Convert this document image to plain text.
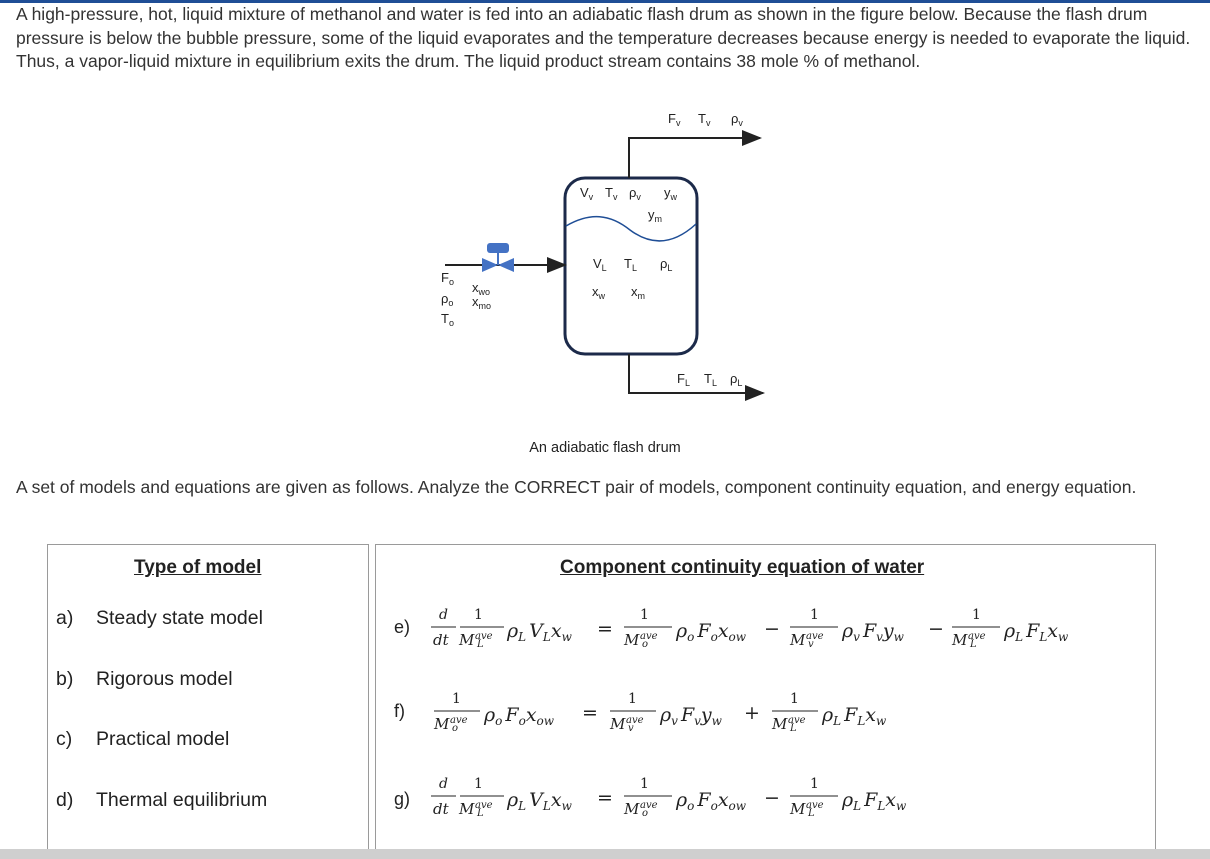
A high-pressure, hot, liquid mixture of methanol and water is fed into an adiabatic flash drum as shown in the figure below. Because the flash drum pressure is below the bubble pressure, some of the liquid evaporates and the temperature decreases because energy is needed to evaporate the liquid. Thus, a vapor-liquid mixture in equilibrium exits the drum. The liquid product stream contains 38 mole % of methanol.

$F_v$ $T_v$ $\rho_v$
$V_v$ $T_v$ $\rho_v$ $y_w$
$y_m$
$V_L$ $T_L$ $\rho_L$
$x_w$ $x_m$
$F_o$
$\rho_o$
$T_o$
$x_{wo}$
$x_{mo}$
$F_L$ $T_L$ $\rho_L$
An adiabatic flash drum

A set of models and equations are given as follows. Analyze the CORRECT pair of models, component continuity equation, and energy equation.

Type of model
a) Steady state model
b) Rigorous model
c) Practical model
d) Thermal equilibrium
Component continuity equation of water
e)
d
dt
1
M ave
L
$\rho_L$ $V_Lx_w$ =
1
M ave
o
$\rho_o$ $F_ox_{ow}$ −
1
M ave
v
$\rho_v$ $F_vy_w$ −
1
M ave
L
$\rho_L$ $F_Lx_w$
f)
1
M ave
o
$\rho_o$ $F_ox_{ow}$ =
1
M ave
v
$\rho_v$ $F_vy_w$ +
1
M ave
L
$\rho_L$ $F_Lx_w$
g)
d
dt
1
M ave
L
$\rho_L$ $V_Lx_w$ =
1
M ave
o
$\rho_o$ $F_ox_{ow}$ −
1
M ave
L
$\rho_L$ $F_Lx_w$
